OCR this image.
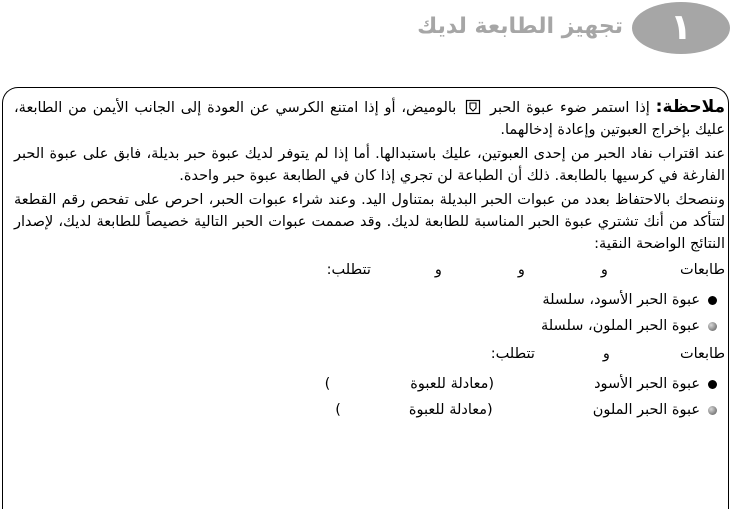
تجهيز الطابعة لديك	١

ملاحظة: إذا استمر ضوء عبوة الحبر  بالوميض، أو إذا امتنع الكرسي عن العودة إلى الجانب الأيمن من الطابعة، عليك بإخراج العبوتين وإعادة إدخالهما.

عند اقتراب نفاد الحبر من إحدى العبوتين، عليك باستبدالها. أما إذا لم يتوفر لديك عبوة حبر بديلة، فابق على عبوة الحبر الفارغة في كرسيها بالطابعة. ذلك أن الطباعة لن تجري إذا كان في الطابعة عبوة حبر واحدة.

وننصحك بالاحتفاظ بعدد من عبوات الحبر البديلة بمتناول اليد. وعند شراء عبوات الحبر، احرص على تفحص رقم القطعة لتتأكد من أنك تشتري عبوة الحبر المناسبة للطابعة لديك. وقد صممت عبوات الحبر التالية خصيصاً للطابعة لديك، لإصدار النتائج الواضحة النقية:

طابعات
و
و
و
تتطلب:
عبوة الحبر الأسود، سلسلة
عبوة الحبر الملون، سلسلة
طابعات
و
تتطلب:
عبوة الحبر الأسود
(معادلة للعبوة
)
عبوة الحبر الملون
(معادلة للعبوة
)
